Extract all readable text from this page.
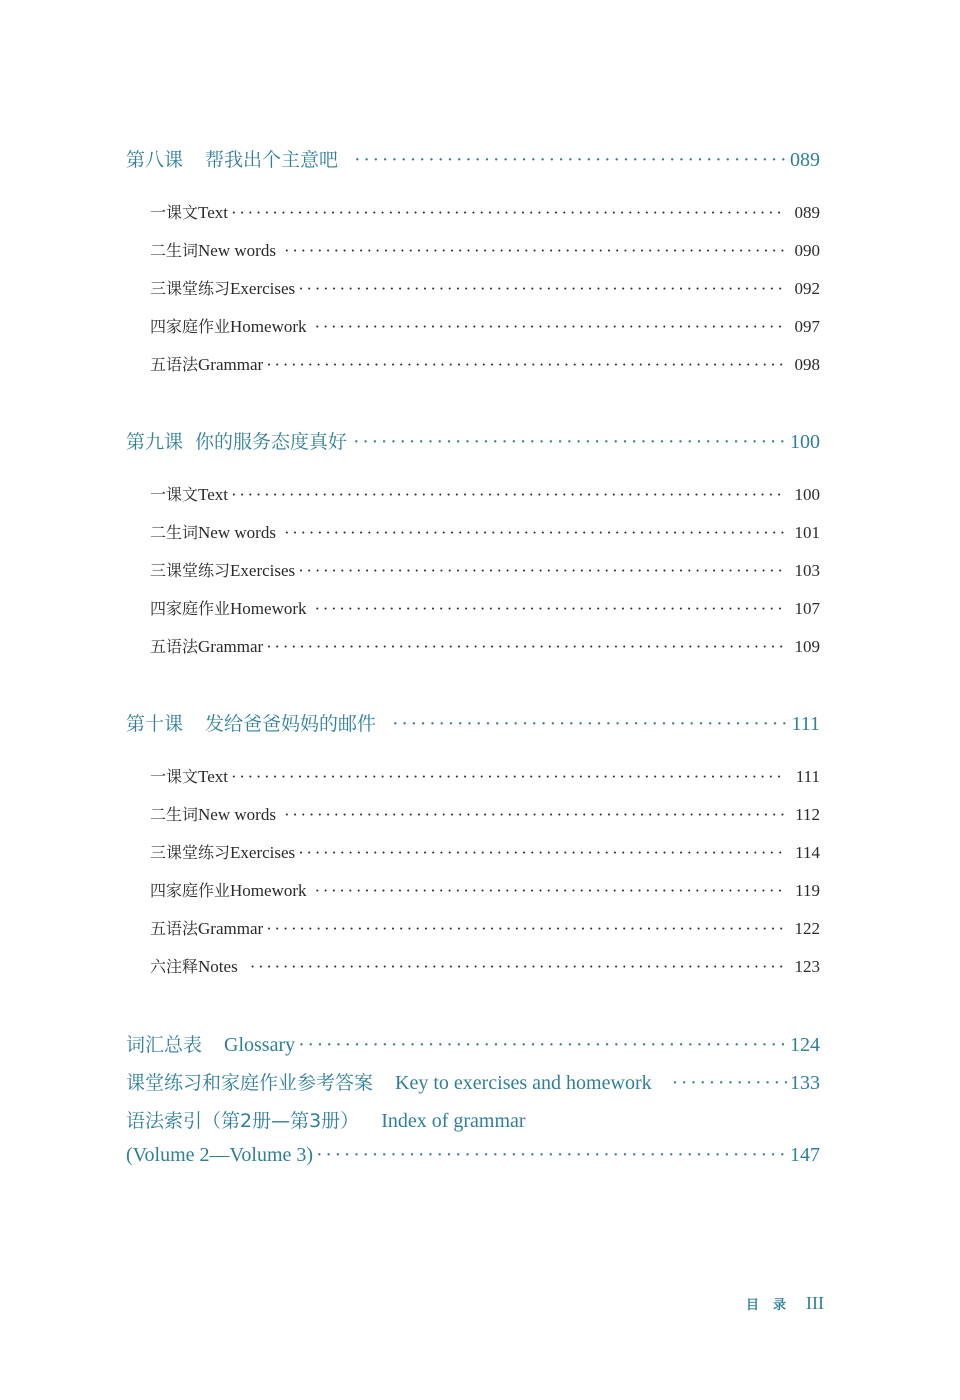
第八课 帮我出个主意吧 ·····	089
一 课文 Text ·····	089
二 生词 New words ·····	090
三 课堂练习 Exercises ·····	092
四 家庭作业 Homework ·····	097
五 语法 Grammar ·····	098
第九课 你的服务态度真好 ·····	100
一 课文 Text ·····	100
二 生词 New words ·····	101
三 课堂练习 Exercises ·····	103
四 家庭作业 Homework ·····	107
五 语法 Grammar ·····	109
第十课 发给爸爸妈妈的邮件 ·····	111
一 课文 Text ·····	111
二 生词 New words ·····	112
三 课堂练习 Exercises ·····	114
四 家庭作业 Homework ·····	119
五 语法 Grammar ·····	122
六 注释 Notes ·····	123
词汇总表 Glossary ·····	124
课堂练习和家庭作业参考答案 Key to exercises and homework ·····	133
语法索引（第2册—第3册） Index of grammar
(Volume 2—Volume 3) ·····	147
目录 III
